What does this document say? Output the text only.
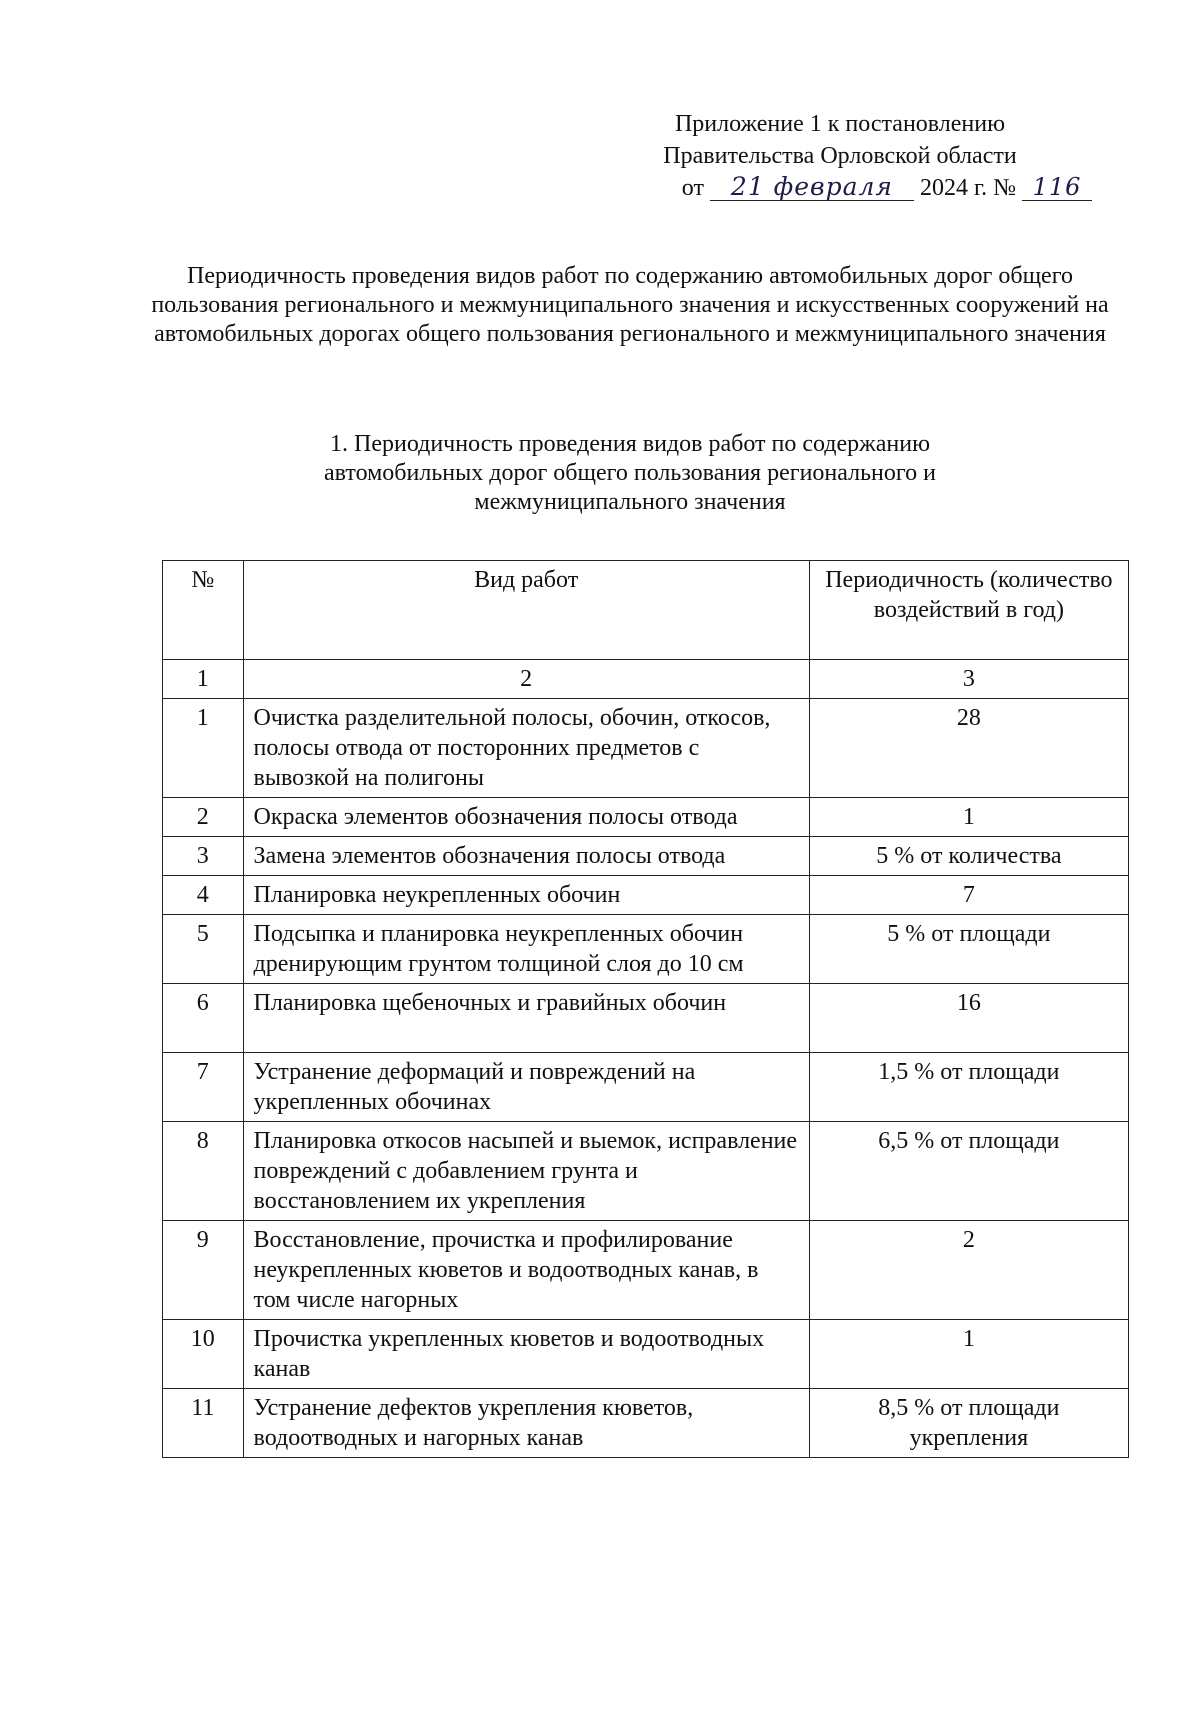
Приложение 1 к постановлению
Правительства Орловской области
от 21 февраля 2024 г. № 116
Периодичность проведения видов работ по содержанию автомобильных дорог общего пользования регионального и межмуниципального значения и искусственных сооружений на автомобильных дорогах общего пользования регионального и межмуниципального значения
1. Периодичность проведения видов работ по содержанию автомобильных дорог общего пользования регионального и межмуниципального значения
№	Вид работ	Периодичность (количество воздействий в год)
1	2	3
1	Очистка разделительной полосы, обочин, откосов, полосы отвода от посторонних предметов с вывозкой на полигоны	28
2	Окраска элементов обозначения полосы отвода	1
3	Замена элементов обозначения полосы отвода	5 % от количества
4	Планировка неукрепленных обочин	7
5	Подсыпка и планировка неукрепленных обочин дренирующим грунтом толщиной слоя до 10 см	5 % от площади
6	Планировка щебеночных и гравийных обочин	16
7	Устранение деформаций и повреждений на укрепленных обочинах	1,5 % от площади
8	Планировка откосов насыпей и выемок, исправление повреждений с добавлением грунта и восстановлением их укрепления	6,5 % от площади
9	Восстановление, прочистка и профилирование неукрепленных кюветов и водоотводных канав, в том числе нагорных	2
10	Прочистка укрепленных кюветов и водоотводных канав	1
11	Устранение дефектов укрепления кюветов, водоотводных и нагорных канав	8,5 % от площади укрепления
